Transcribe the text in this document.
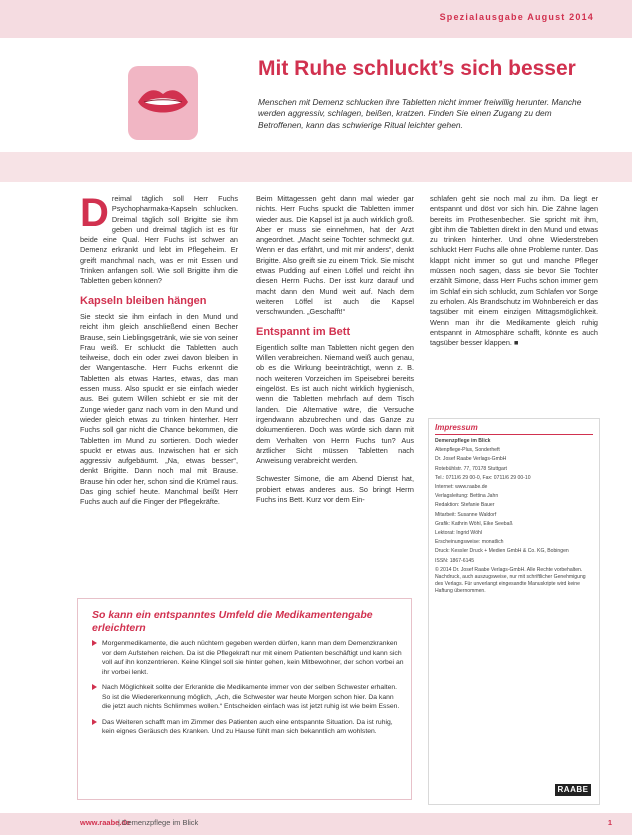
Spezialausgabe August 2014
Mit Ruhe schluckt’s sich besser
Menschen mit Demenz schlucken ihre Tabletten nicht immer freiwillig herunter. Manche werden aggressiv, schlagen, beißen, kratzen. Finden Sie einen Zugang zu dem Betroffenen, kann das schwierige Ritual leichter gehen.
D reimal täglich soll Herr Fuchs Psychopharmaka-Kapseln schlucken. Dreimal täglich soll Brigitte sie ihm geben und dreimal täglich ist es für beide eine Qual. Herr Fuchs ist schwer an Demenz erkrankt und lebt im Pflegeheim. Er greift manchmal nach, was er mit Essen und Trinken anfangen soll. Wie soll Brigitte ihm die Tabletten geben können?

Kapseln bleiben hängen

Sie steckt sie ihm einfach in den Mund und reicht ihm gleich anschließend einen Becher Brause, sein Lieblingsgetränk, wie sie von seiner Frau weiß. Er schluckt die Tabletten auch teilweise, doch ein oder zwei davon bleiben in der Wangentasche. Herr Fuchs erkennt die Tabletten als etwas Hartes, etwas, das man essen muss. Also spuckt er sie einfach wieder aus. Bei gutem Willen schiebt er sie mit der Zunge wieder ganz nach vorn in den Mund und wieder gleich etwas zu trinken hinterher. Herr Fuchs soll gar nicht die Chance bekommen, die Tabletten im Mund zu sortieren. Doch wieder spuckt er etwas aus. Inzwischen hat er sich aggressiv aufgebäumt. „Na, etwas besser“, denkt Brigitte. Dann noch mal mit Brause. Brause hin oder her, schon sind die Krümel raus. Das ging schief heute. Manchmal beißt Herr Fuchs auch auf die Finger der Pflegekräfte.

Beim Mittagessen geht dann mal wieder gar nichts. Herr Fuchs spuckt die Tabletten immer wieder aus. Die Kapsel ist ja auch wirklich groß. Aber er muss sie einnehmen, hat der Arzt angeordnet. „Macht seine Tochter schmeckt gut. Wenn er das erfährt, und mit mir anders“, denkt Brigitte. Also greift sie zu einem Trick. Sie mischt etwas Pudding auf einen Löffel und reicht ihn diesen Herrn Fuchs. Der isst kurz darauf und macht dann den Mund weit auf. Nach dem weiteren Löffel ist auch die Kapsel verschwunden. „Geschafft!“

Entspannt im Bett

Eigentlich sollte man Tabletten nicht gegen den Willen verabreichen. Niemand weiß auch genau, ob es die Wirkung beeinträchtigt, wenn z. B. noch weiteren Vorzeichen im Speisebrei bereits eingelöst. Es ist auch nicht wirklich hygienisch, wenn die Tabletten mehrfach auf dem Tisch landen. Die Alternative wäre, die Versuche irgendwann abzubrechen und das Ganze zu dokumentieren. Doch was würde sich dann mit dem Verhalten von Herrn Fuchs tun? Aus ärztlicher Sicht müssen Tabletten nach Anweisung verabreicht werden.

Schwester Simone, die am Abend Dienst hat, probiert etwas anderes aus. So bringt Herrn Fuchs ins Bett. Kurz vor dem Ein-

schlafen geht sie noch mal zu ihm. Da liegt er entspannt und döst vor sich hin. Die Zähne lagen bereits im Prothesenbecher. Sie spricht mit ihm, gibt ihm die Tabletten direkt in den Mund und etwas zu trinken hinterher. Und ohne Wiederstreben schluckt Herr Fuchs alle ohne Probleme runter. Das klappt nicht immer so gut und manche Pfleger müssen noch sagen, dass sie bevor Sie Tochter erzählt Simone, dass Herr Fuchs schon immer gern im Schlaf ein sich schluckt, zum Schlafen vor Sorge zu erholen. Als Brandschutz im Wohnbereich er das tagsüber mit einem einzigen Mittagsmöglichkeit. Wenn man ihr die Medikamente gleich ruhig entspannt in Atmosphäre schafft, könnte es auch tagsüber besser klappen. ■

So kann ein entspanntes Umfeld die Medikamentengabe erleichtern
Morgenmedikamente, die auch nüchtern gegeben werden dürfen, kann man dem Demenzkranken vor dem Aufstehen reichen. Da ist die Pflegekraft nur mit einem Patienten beschäftigt und kann sich voll auf ihn konzentrieren. Keine Klingel soll sie hinter gehen, kein Mitbewohner, der schon vorbei an ihr vorbei lenkt.
Nach Möglichkeit sollte der Erkrankte die Medikamente immer von der selben Schwester erhalten. So ist die Wiedererkennung möglich, „Ach, die Schwester war heute Morgen schon hier. Da kann die jetzt auch nichts Schlimmes wollen.“ Entscheiden einfach was ist jetzt ruhig ist wie beim Essen.
Das Weiteren schafft man im Zimmer des Patienten auch eine entspannte Situation. Da ist ruhig, kein eignes Geräusch des Kranken. Und zu Hause fühlt man sich bekanntlich am wohlsten.
Impressum

Demenzpflege im Blick

Altenpflege-Plus, Sonderheft

Dr. Josef Raabe Verlags-GmbH

Rotebühlstr. 77, 70178 Stuttgart

Tel.: 0711/6 29 00-0, Fax: 0711/6 29 00-10

Internet: www.raabe.de

Verlagsleitung: Bettina Jahn

Redaktion: Stefanie Bauer

Mitarbeit: Susanne Waldorf

Grafik: Kathrin Wöhl, Eike Seebaß

Lektorat: Ingrid Wöhl

Erscheinungsweise: monatlich

Druck: Kessler Druck + Medien GmbH & Co. KG, Bobingen

ISSN: 1867-6145

© 2014 Dr. Josef Raabe Verlags-GmbH. Alle Rechte vorbehalten. Nachdruck, auch auszugsweise, nur mit schriftlicher Genehmigung des Verlags. Für unverlangt eingesandte Manuskripte wird keine Haftung übernommen.

RAABE
www.raabe.de
| Demenzpflege im Blick	1
